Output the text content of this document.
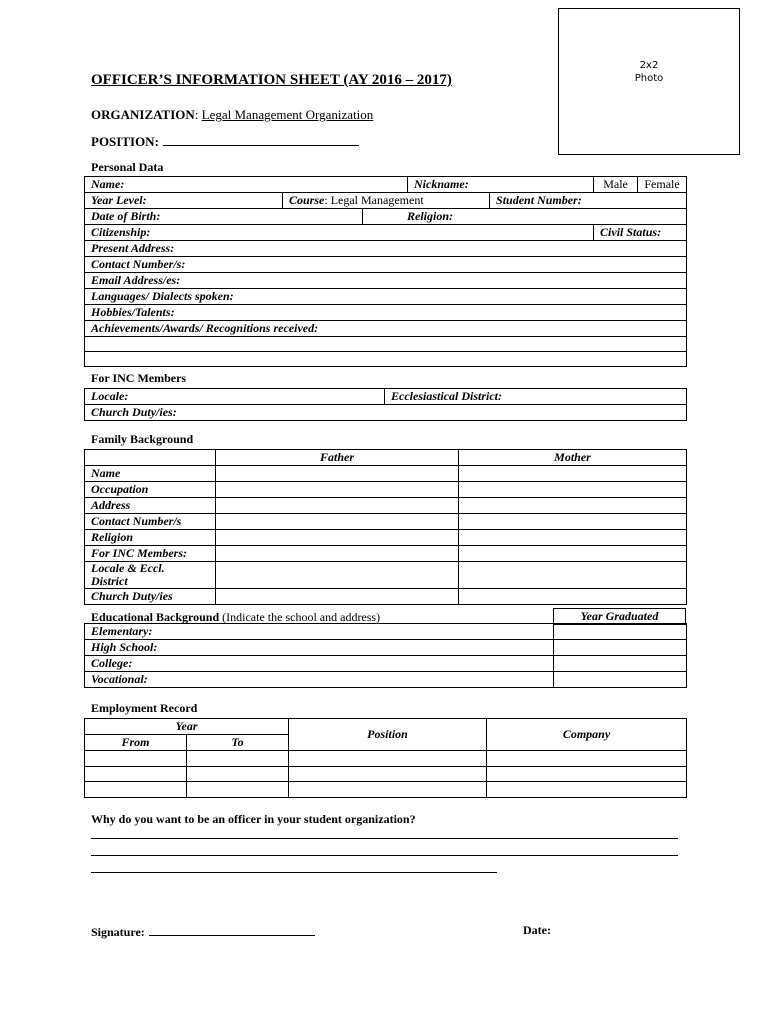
2x2
Photo
OFFICER’S INFORMATION SHEET (AY 2016 – 2017)
ORGANIZATION: Legal Management Organization
POSITION:
Personal Data
Name:			Nickname:		Male	Female
Year Level:	Course: Legal Management			Student Number:		
Date of Birth:		Religion:				
Citizenship:					Civil Status:	
Present Address:						
Contact Number/s:						
Email Address/es:						
Languages/ Dialects spoken:						
Hobbies/Talents:						
Achievements/Awards/ Recognitions received:						

For INC Members
Locale:	Ecclesiastical District:
Church Duty/ies:
Family Background
	Father	Mother
Name		
Occupation		
Address		
Contact Number/s		
Religion		
For INC Members:		
Locale & Eccl. District		
Church Duty/ies		
Educational Background (Indicate the school and address)	Year Graduated
Elementary:	
High School:	
College:	
Vocational:	
Employment Record
Year		Position	Company
From	To		

Why do you want to be an officer in your student organization?
Signature:	Date:
